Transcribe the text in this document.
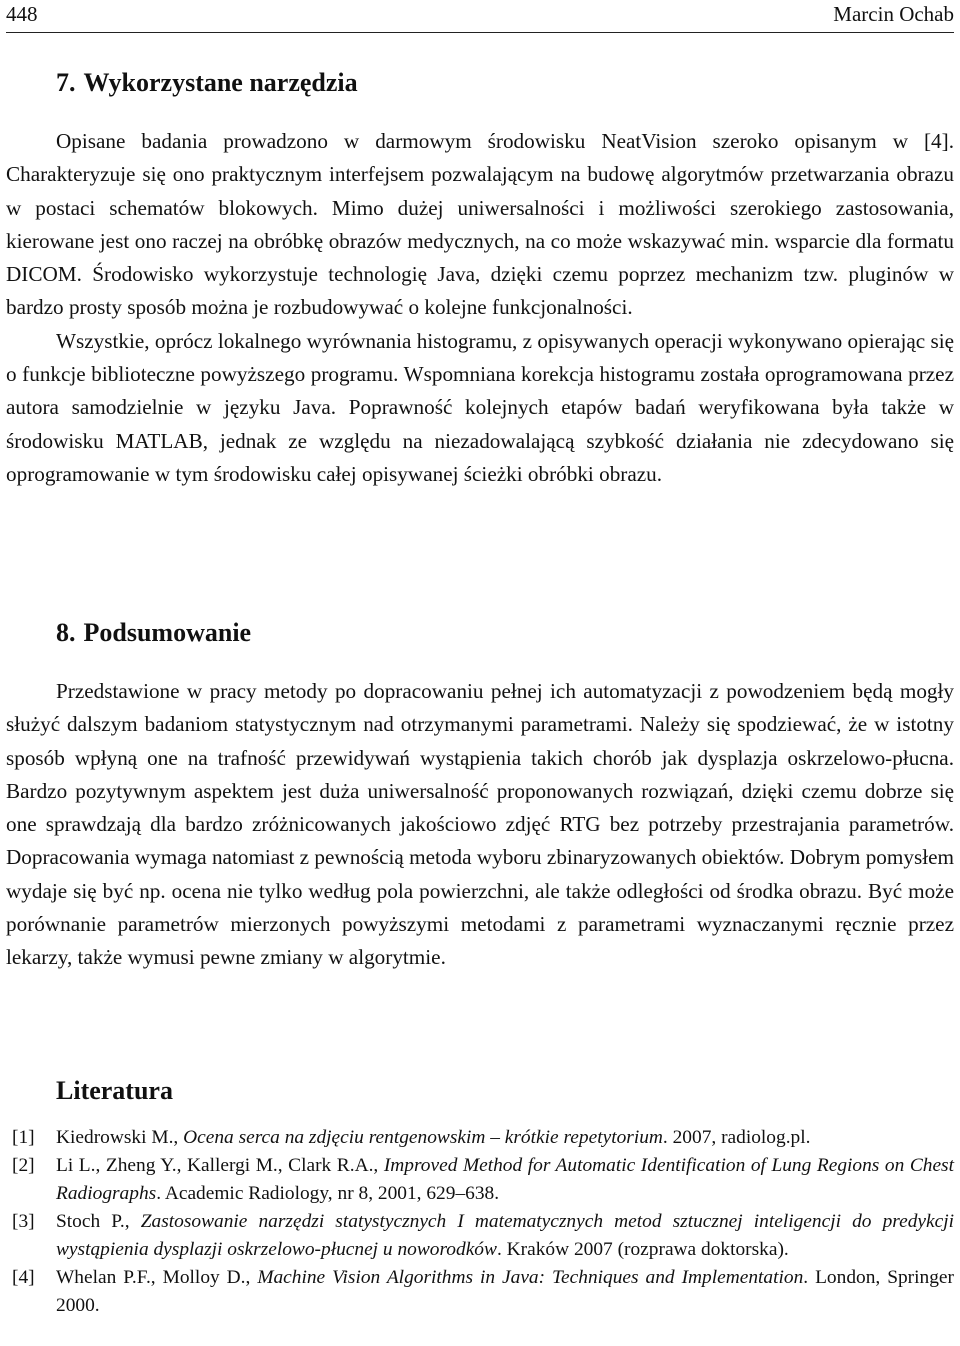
448	Marcin Ochab
7. Wykorzystane narzędzia

Opisane badania prowadzono w darmowym środowisku NeatVision szeroko opisanym w [4]. Charakteryzuje się ono praktycznym interfejsem pozwalającym na budowę algorytmów przetwarzania obrazu w postaci schematów blokowych. Mimo dużej uniwersalności i możliwości szerokiego zastosowania, kierowane jest ono raczej na obróbkę obrazów medycznych, na co może wskazywać min. wsparcie dla formatu DICOM. Środowisko wykorzystuje technologię Java, dzięki czemu poprzez mechanizm tzw. pluginów w bardzo prosty sposób można je rozbudowywać o kolejne funkcjonalności.

Wszystkie, oprócz lokalnego wyrównania histogramu, z opisywanych operacji wykonywano opierając się o funkcje biblioteczne powyższego programu. Wspomniana korekcja histogramu została oprogramowana przez autora samodzielnie w języku Java. Poprawność kolejnych etapów badań weryfikowana była także w środowisku MATLAB, jednak ze względu na niezadowalającą szybkość działania nie zdecydowano się oprogramowanie w tym środowisku całej opisywanej ścieżki obróbki obrazu.

8. Podsumowanie

Przedstawione w pracy metody po dopracowaniu pełnej ich automatyzacji z powodzeniem będą mogły służyć dalszym badaniom statystycznym nad otrzymanymi parametrami. Należy się spodziewać, że w istotny sposób wpłyną one na trafność przewidywań wystąpienia takich chorób jak dysplazja oskrzelowo-płucna. Bardzo pozytywnym aspektem jest duża uniwersalność proponowanych rozwiązań, dzięki czemu dobrze się one sprawdzają dla bardzo zróżnicowanych jakościowo zdjęć RTG bez potrzeby przestrajania parametrów. Dopracowania wymaga natomiast z pewnością metoda wyboru zbinaryzowanych obiektów. Dobrym pomysłem wydaje się być np. ocena nie tylko według pola powierzchni, ale także odległości od środka obrazu. Być może porównanie parametrów mierzonych powyższymi metodami z parametrami wyznaczanymi ręcznie przez lekarzy, także wymusi pewne zmiany w algorytmie.

Literatura
[1] Kiedrowski M., Ocena serca na zdjęciu rentgenowskim – krótkie repetytorium. 2007, radiolog.pl.
[2] Li L., Zheng Y., Kallergi M., Clark R.A., Improved Method for Automatic Identification of Lung Regions on Chest Radiographs. Academic Radiology, nr 8, 2001, 629–638.
[3] Stoch P., Zastosowanie narzędzi statystycznych I matematycznych metod sztucznej inteligencji do predykcji wystąpienia dysplazji oskrzelowo-płucnej u noworodków. Kraków 2007 (rozprawa doktorska).
[4] Whelan P.F., Molloy D., Machine Vision Algorithms in Java: Techniques and Implementation. London, Springer 2000.
